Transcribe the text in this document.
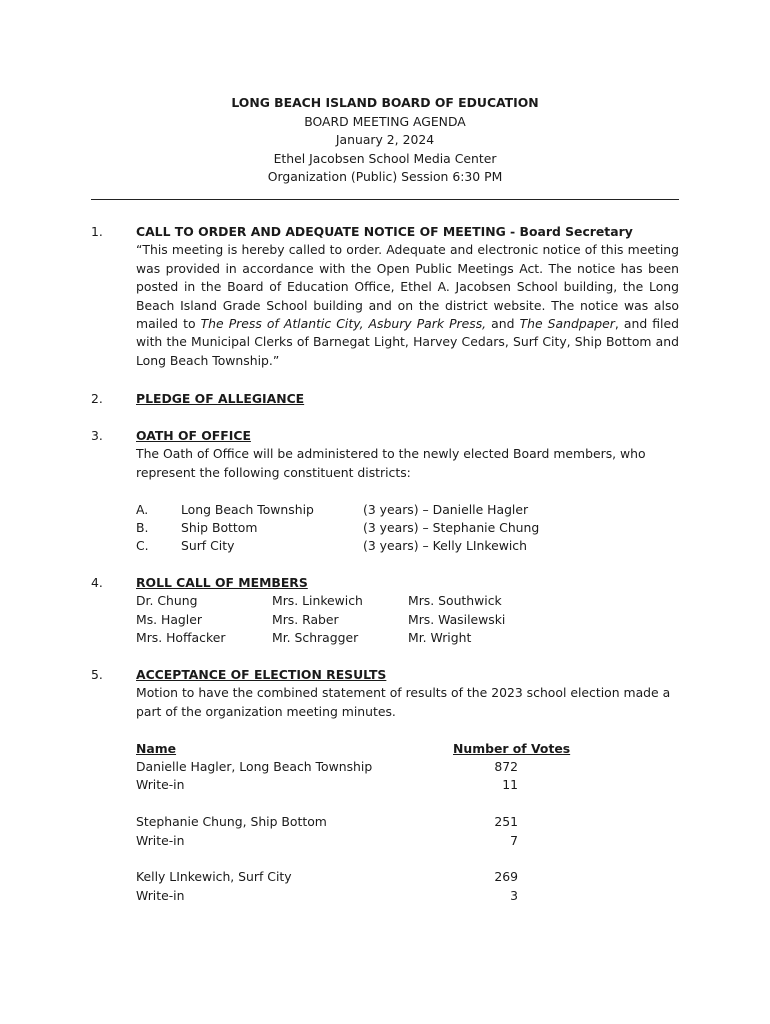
LONG BEACH ISLAND BOARD OF EDUCATION
BOARD MEETING AGENDA
January 2, 2024
Ethel Jacobsen School Media Center
Organization (Public) Session 6:30 PM
1.	CALL TO ORDER AND ADEQUATE NOTICE OF MEETING - Board Secretary
“This meeting is hereby called to order. Adequate and electronic notice of this meeting was provided in accordance with the Open Public Meetings Act. The notice has been posted in the Board of Education Office, Ethel A. Jacobsen School building, the Long Beach Island Grade School building and on the district website. The notice was also mailed to The Press of Atlantic City, Asbury Park Press, and The Sandpaper, and filed with the Municipal Clerks of Barnegat Light, Harvey Cedars, Surf City, Ship Bottom and Long Beach Township.”
2.	PLEDGE OF ALLEGIANCE
3.	OATH OF OFFICE
The Oath of Office will be administered to the newly elected Board members, who represent the following constituent districts:
A.	Long Beach Township	(3 years) – Danielle Hagler
B.	Ship Bottom	(3 years) – Stephanie Chung
C.	Surf City	(3 years) – Kelly LInkewich
4.	ROLL CALL OF MEMBERS
Dr. Chung	Mrs. Linkewich	Mrs. Southwick
Ms. Hagler	Mrs. Raber	Mrs. Wasilewski
Mrs. Hoffacker	Mr. Schragger	Mr. Wright
5.	ACCEPTANCE OF ELECTION RESULTS
Motion to have the combined statement of results of the 2023 school election made a part of the organization meeting minutes.
Name	Number of Votes
Danielle Hagler, Long Beach Township	872
Write-in	11
Stephanie Chung, Ship Bottom	251
Write-in	7
Kelly LInkewich, Surf City	269
Write-in	3
